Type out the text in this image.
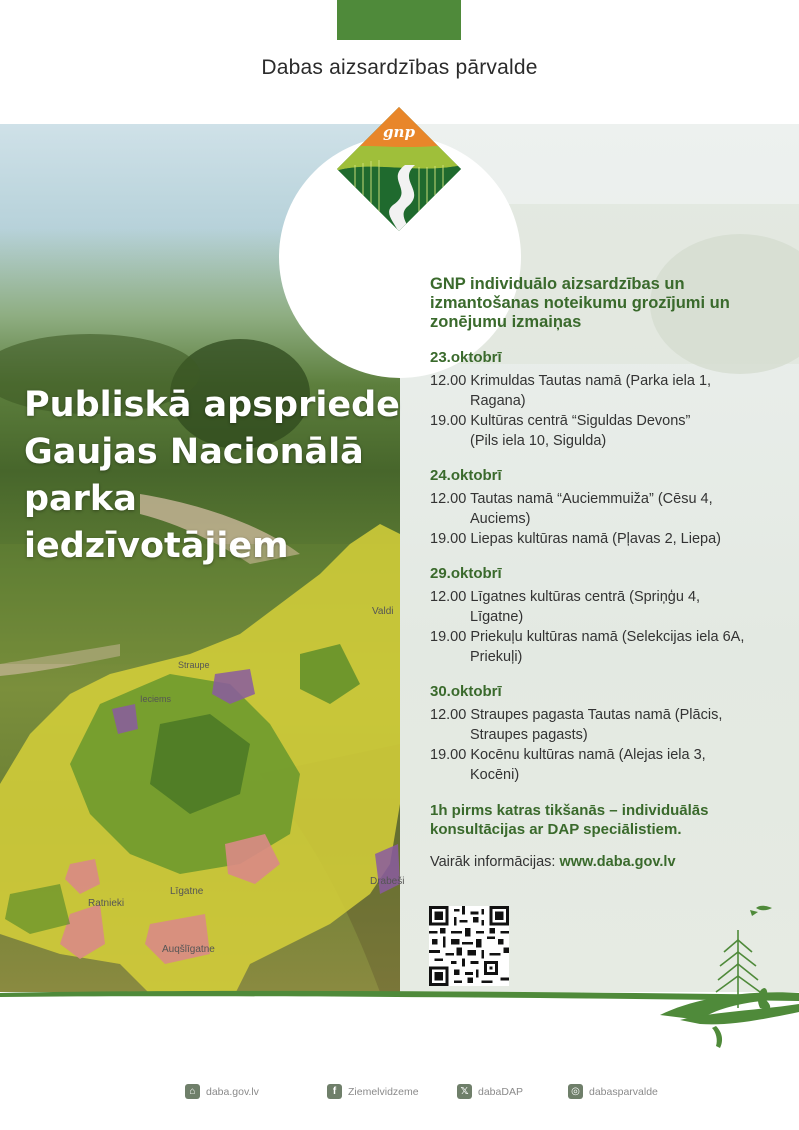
Dabas aizsardzības pārvalde
Valdi
Ieciems
Ratnieki
Līgatne
Auqšlīgatne
Drabeši
Straupe
Publiskā apspriede
Gaujas Nacionālā
parka
iedzīvotājiem
gnp

GNP individuālo aizsardzības un izmantošanas noteikumu grozījumi un zonējumu izmaiņas

23.oktobrī

12.00 Krimuldas Tautas namā (Parka iela 1,
Ragana)

19.00 Kultūras centrā “Siguldas Devons”
(Pils iela 10, Sigulda)

24.oktobrī

12.00 Tautas namā “Auciemmuiža” (Cēsu 4,
Auciems)

19.00 Liepas kultūras namā (Pļavas 2, Liepa)

29.oktobrī

12.00 Līgatnes kultūras centrā (Spriņģu 4,
Līgatne)

19.00 Priekuļu kultūras namā (Selekcijas iela 6A,
Priekuļi)

30.oktobrī

12.00 Straupes pagasta Tautas namā (Plācis,
Straupes pagasts)

19.00 Kocēnu kultūras namā (Alejas iela 3,
Kocēni)

1h pirms katras tikšanās – individuālās konsultācijas ar DAP speciālistiem.

Vairāk informācijas: www.daba.gov.lv

⌂ daba.gov.lv	f	Ziemelvidzeme	𝕏 dabaDAP	◎ dabasparvalde
